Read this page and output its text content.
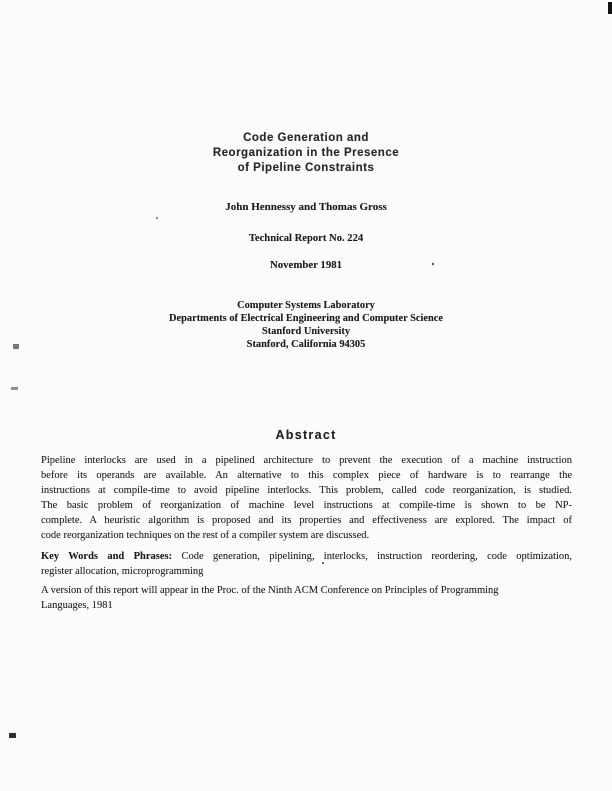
Code Generation and
Reorganization in the Presence
of Pipeline Constraints
John Hennessy and Thomas Gross
Technical Report No. 224
November 1981
Computer Systems Laboratory
Departments of Electrical Engineering and Computer Science
Stanford University
Stanford, California 94305
Abstract
Pipeline interlocks are used in a pipelined architecture to prevent the execution of a machine instruction
before its operands are available. An alternative to this complex piece of hardware is to rearrange the
instructions at compile-time to avoid pipeline interlocks. This problem, called code reorganization, is studied.
The basic problem of reorganization of machine level instructions at compile-time is shown to be NP-
complete. A heuristic algorithm is proposed and its properties and effectiveness are explored. The impact of
code reorganization techniques on the rest of a compiler system are discussed.
Key Words and Phrases: Code generation, pipelining, interlocks, instruction reordering, code optimization,
register allocation, microprogramming
A version of this report will appear in the Proc. of the Ninth ACM Conference on Principles of Programming
Languages, 1981
